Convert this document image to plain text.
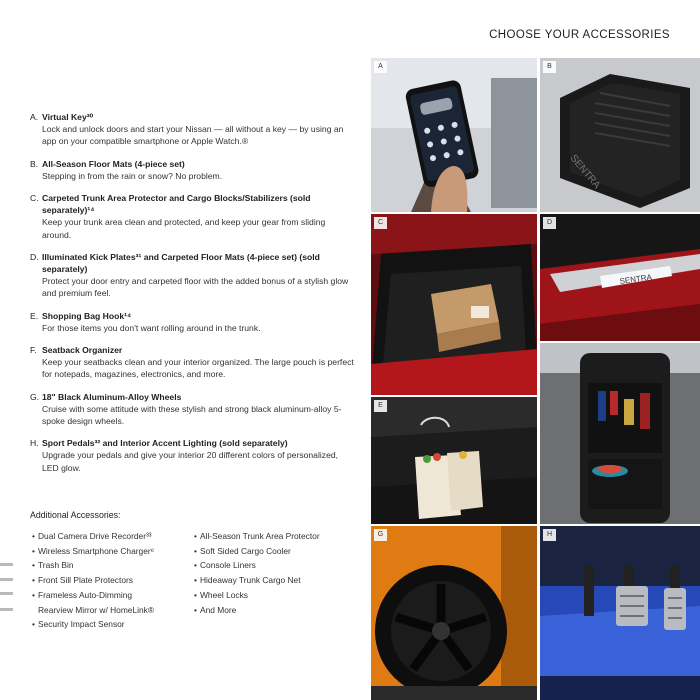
CHOOSE YOUR ACCESSORIES
A. Virtual Key³⁰
Lock and unlock doors and start your Nissan — all without a key — by using an app on your compatible smartphone or Apple Watch.®
B. All-Season Floor Mats (4-piece set)
Stepping in from the rain or snow? No problem.
C. Carpeted Trunk Area Protector and Cargo Blocks/Stabilizers (sold separately)¹⁴
Keep your trunk area clean and protected, and keep your gear from sliding around.
D. Illuminated Kick Plates³¹ and Carpeted Floor Mats (4-piece set) (sold separately)
Protect your door entry and carpeted floor with the added bonus of a stylish glow and premium feel.
E. Shopping Bag Hook¹⁴
For those items you don't want rolling around in the trunk.
F. Seatback Organizer
Keep your seatbacks clean and your interior organized. The large pouch is perfect for notepads, magazines, electronics, and more.
G. 18" Black Aluminum-Alloy Wheels
Cruise with some attitude with these stylish and strong black aluminum-alloy 5-spoke design wheels.
H. Sport Pedals³² and Interior Accent Lighting (sold separately)
Upgrade your pedals and give your interior 20 different colors of personalized, LED glow.
Additional Accessories:
• Dual Camera Drive Recorder³³
• Wireless Smartphone Charger⁶
• Trash Bin
• Front Sill Plate Protectors
• Frameless Auto-Dimming
Rearview Mirror w/ HomeLink®
• Security Impact Sensor
• All-Season Trunk Area Protector
• Soft Sided Cargo Cooler
• Console Liners
• Hideaway Trunk Cargo Net
• Wheel Locks
• And More
A
SENTRA
B
C
SENTRA
D
E
G	H
